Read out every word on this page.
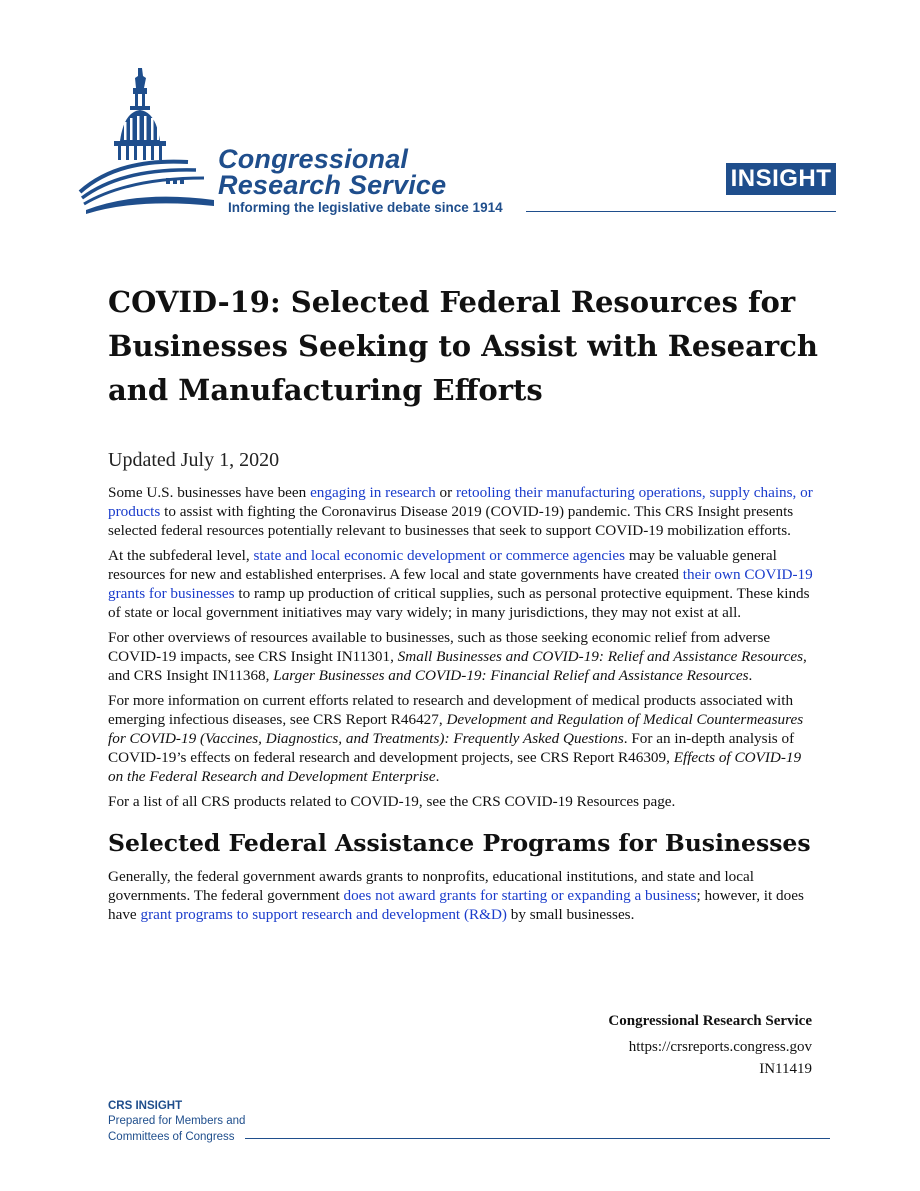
Congressional
Research Service
Informing the legislative debate since 1914
INSIGHT
COVID-19: Selected Federal Resources for Businesses Seeking to Assist with Research and Manufacturing Efforts
Updated July 1, 2020

Some U.S. businesses have been engaging in research or retooling their manufacturing operations, supply chains, or products to assist with fighting the Coronavirus Disease 2019 (COVID-19) pandemic. This CRS Insight presents selected federal resources potentially relevant to businesses that seek to support COVID-19 mobilization efforts.

At the subfederal level, state and local economic development or commerce agencies may be valuable general resources for new and established enterprises. A few local and state governments have created their own COVID-19 grants for businesses to ramp up production of critical supplies, such as personal protective equipment. These kinds of state or local government initiatives may vary widely; in many jurisdictions, they may not exist at all.

For other overviews of resources available to businesses, such as those seeking economic relief from adverse COVID-19 impacts, see CRS Insight IN11301, Small Businesses and COVID-19: Relief and Assistance Resources, and CRS Insight IN11368, Larger Businesses and COVID-19: Financial Relief and Assistance Resources.

For more information on current efforts related to research and development of medical products associated with emerging infectious diseases, see CRS Report R46427, Development and Regulation of Medical Countermeasures for COVID-19 (Vaccines, Diagnostics, and Treatments): Frequently Asked Questions. For an in-depth analysis of COVID-19’s effects on federal research and development projects, see CRS Report R46309, Effects of COVID-19 on the Federal Research and Development Enterprise.

For a list of all CRS products related to COVID-19, see the CRS COVID-19 Resources page.

Selected Federal Assistance Programs for Businesses

Generally, the federal government awards grants to nonprofits, educational institutions, and state and local governments. The federal government does not award grants for starting or expanding a business; however, it does have grant programs to support research and development (R&D) by small businesses.

Congressional Research Service
https://crsreports.congress.gov
IN11419
CRS INSIGHT
Prepared for Members and
Committees of Congress
